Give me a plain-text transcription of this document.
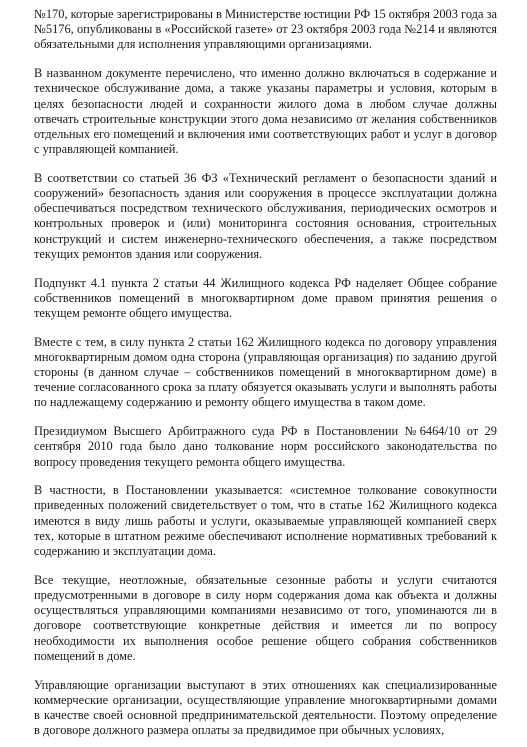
№170, которые зарегистрированы в Министерстве юстиции РФ 15 октября 2003 года за №5176, опубликованы в «Российской газете» от 23 октября 2003 года №214 и являются обязательными для исполнения управляющими организациями.

В названном документе перечислено, что именно должно включаться в содержание и техническое обслуживание дома, а также указаны параметры и условия, которым в целях безопасности людей и сохранности жилого дома в любом случае должны отвечать строительные конструкции этого дома независимо от желания собственников отдельных его помещений и включения ими соответствующих работ и услуг в договор с управляющей компанией.

В соответствии со статьей 36 ФЗ «Технический регламент о безопасности зданий и сооружений» безопасность здания или сооружения в процессе эксплуатации должна обеспечиваться посредством технического обслуживания, периодических осмотров и контрольных проверок и (или) мониторинга состояния основания, строительных конструкций и систем инженерно-технического обеспечения, а также посредством текущих ремонтов здания или сооружения.

Подпункт 4.1 пункта 2 статьи 44 Жилищного кодекса РФ наделяет Общее собрание собственников помещений в многоквартирном доме правом принятия решения о текущем ремонте общего имущества.

Вместе с тем, в силу пункта 2 статьи 162 Жилищного кодекса по договору управления многоквартирным домом одна сторона (управляющая организация) по заданию другой стороны (в данном случае – собственников помещений в многоквартирном доме) в течение согласованного срока за плату обязуется оказывать услуги и выполнять работы по надлежащему содержанию и ремонту общего имущества в таком доме.

Президиумом Высшего Арбитражного суда РФ в Постановлении №6464/10 от 29 сентября 2010 года было дано толкование норм российского законодательства по вопросу проведения текущего ремонта общего имущества.

В частности, в Постановлении указывается: «системное толкование совокупности приведенных положений свидетельствует о том, что в статье 162 Жилищного кодекса имеются в виду лишь работы и услуги, оказываемые управляющей компанией сверх тех, которые в штатном режиме обеспечивают исполнение нормативных требований к содержанию и эксплуатации дома.

Все текущие, неотложные, обязательные сезонные работы и услуги считаются предусмотренными в договоре в силу норм содержания дома как объекта и должны осуществляться управляющими компаниями независимо от того, упоминаются ли в договоре соответствующие конкретные действия и имеется ли по вопросу необходимости их выполнения особое решение общего собрания собственников помещений в доме.

Управляющие организации выступают в этих отношениях как специализированные коммерческие организации, осуществляющие управление многоквартирными домами в качестве своей основной предпринимательской деятельности. Поэтому определение в договоре должного размера оплаты за предвидимое при обычных условиях,
